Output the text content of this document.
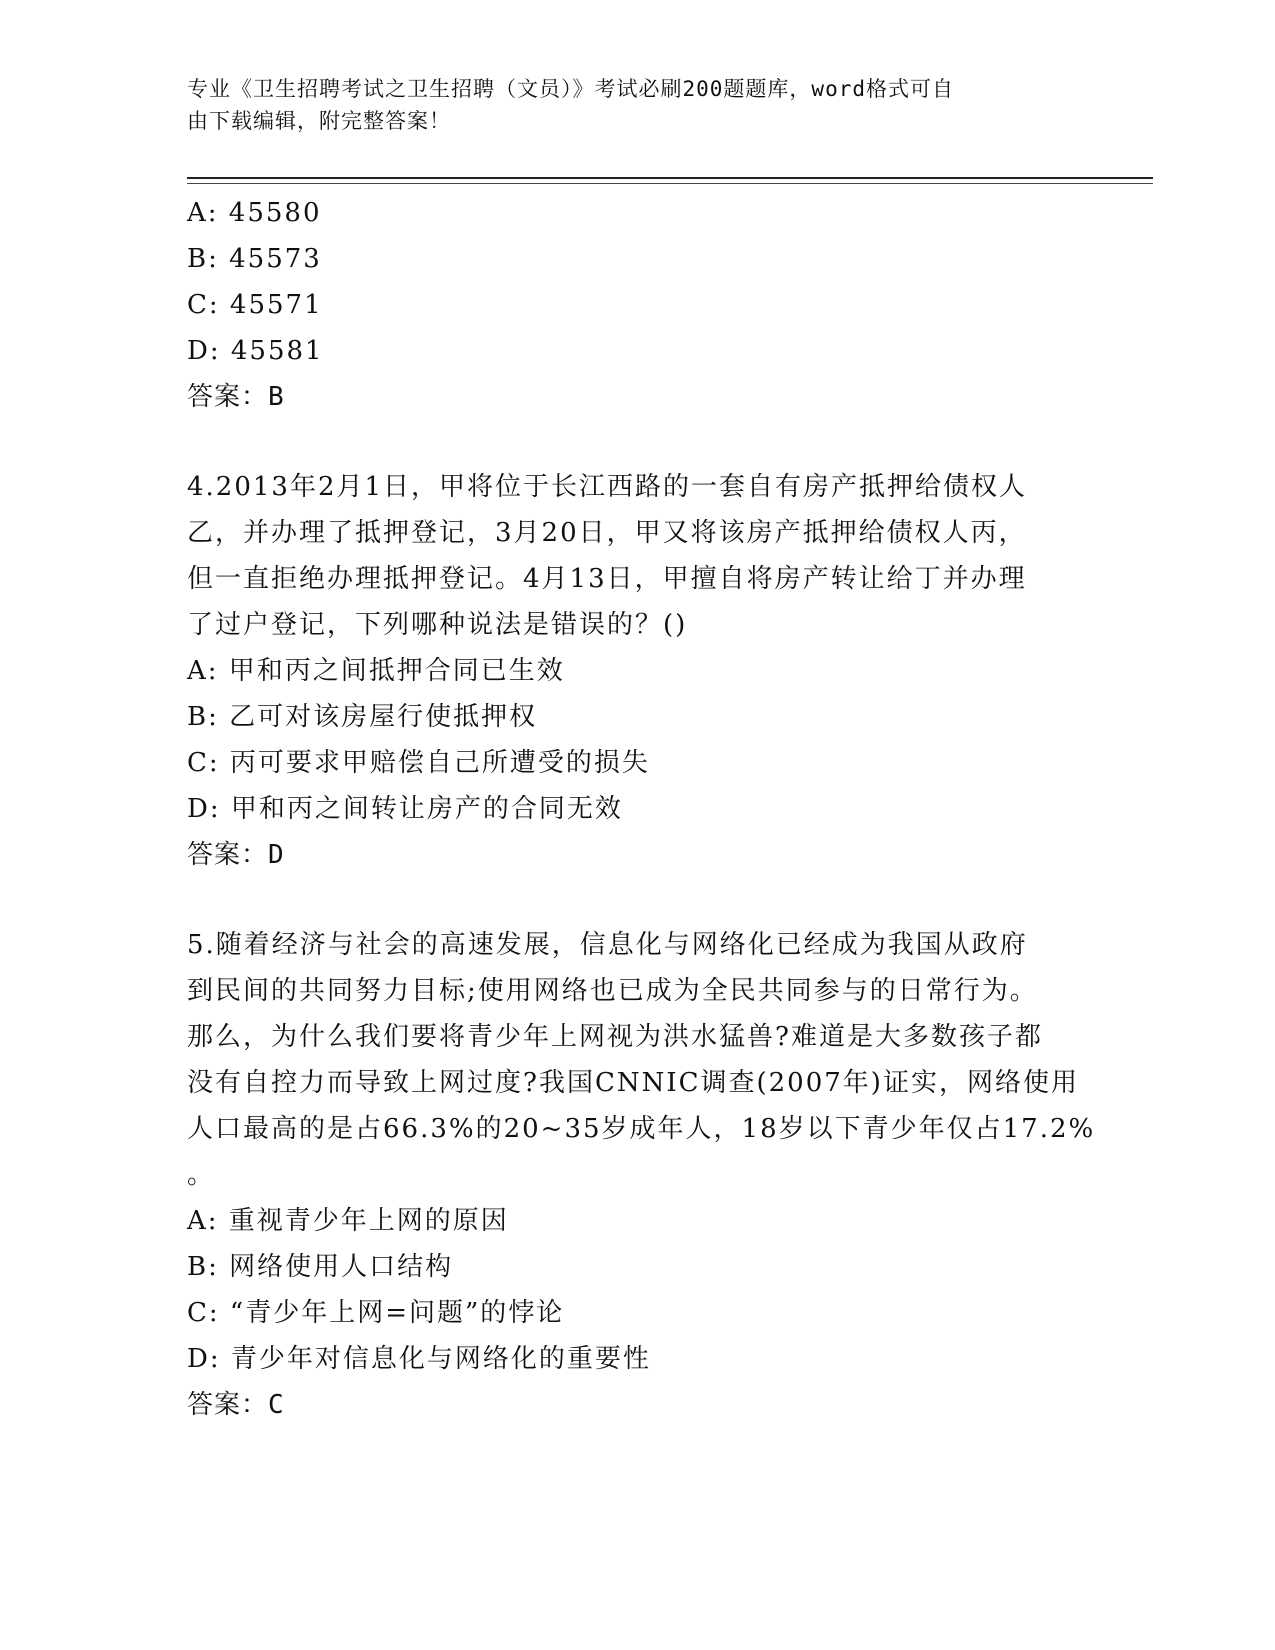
专业《卫生招聘考试之卫生招聘（文员）》考试必刷200题题库，word格式可自
由下载编辑，附完整答案！
A: 45580
B: 45573
C: 45571
D: 45581
答案：B
4.2013年2月1日，甲将位于长江西路的一套自有房产抵押给债权人
乙，并办理了抵押登记，3月20日，甲又将该房产抵押给债权人丙，
但一直拒绝办理抵押登记。4月13日，甲擅自将房产转让给丁并办理
了过户登记，下列哪种说法是错误的？()
A: 甲和丙之间抵押合同已生效
B: 乙可对该房屋行使抵押权
C: 丙可要求甲赔偿自己所遭受的损失
D: 甲和丙之间转让房产的合同无效
答案：D
5.随着经济与社会的高速发展，信息化与网络化已经成为我国从政府
到民间的共同努力目标;使用网络也已成为全民共同参与的日常行为。
那么，为什么我们要将青少年上网视为洪水猛兽?难道是大多数孩子都
没有自控力而导致上网过度?我国CNNIC调查(2007年)证实，网络使用
人口最高的是占66.3%的20~35岁成年人，18岁以下青少年仅占17.2%
。
A: 重视青少年上网的原因
B: 网络使用人口结构
C: “青少年上网=问题”的悖论
D: 青少年对信息化与网络化的重要性
答案：C
